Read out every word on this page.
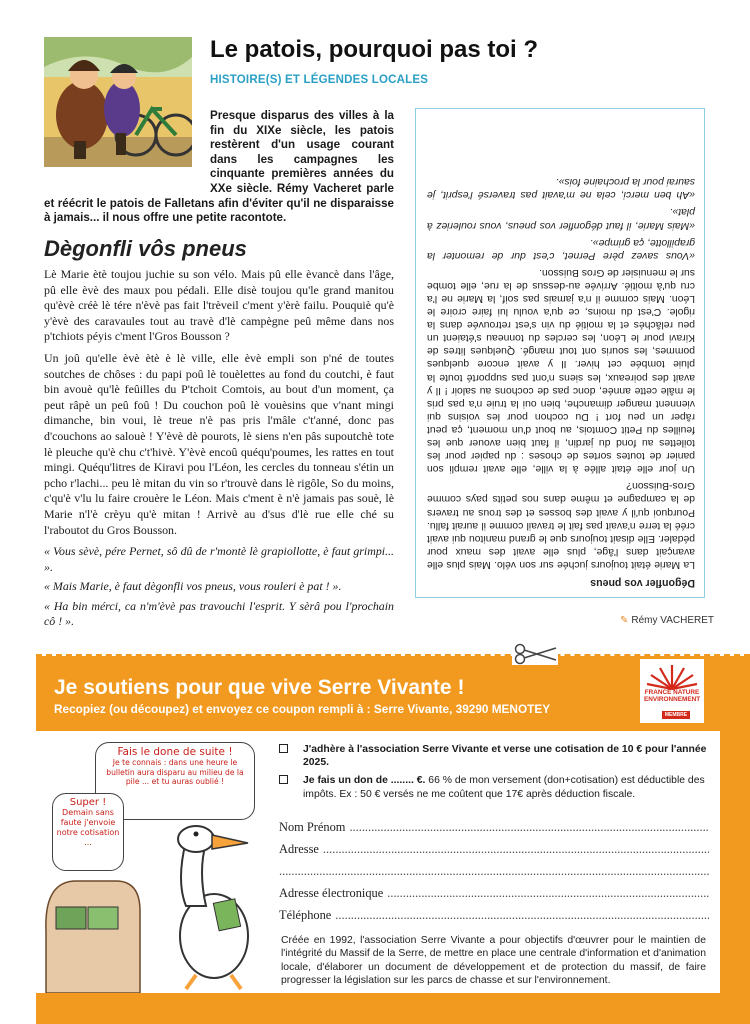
Le patois, pourquoi pas toi ?
HISTOIRE(S) ET LÉGENDES LOCALES
Presque disparus des villes à la fin du XIXe siècle, les patois restèrent d'un usage courant dans les campagnes les cinquante premières années du XXe siècle. Rémy Vacheret parle et réécrit le patois de Falletans afin d'éviter qu'il ne disparaisse à jamais... il nous offre une petite racontote.
Dègonfli vôs pneus

Lè Marie ètè toujou juchie su son vélo. Mais pû elle èvancè dans l'âge, pû elle èvè des maux pou pédali. Elle disè toujou qu'le grand manitou qu'èvè créè lè tére n'èvè pas fait l'trèveil c'ment y'èrè failu. Pouquiè qu'è y'èvè des caravaules tout au travè d'lè campègne peû même dans nos p'tchiots péyis c'ment l'Gros Bousson ?

Un joû qu'elle èvè ètè è lè ville, elle èvè empli son p'né de toutes soutches de chôses : du papi poû lè touèlettes au fond du coutchi, è faut bin avouè qu'lè feûilles du P'tchoit Comtois, au bout d'un moment, ça peut râpè un peû foû ! Du couchon poû lè vouèsins que v'nant mingi dimanche, bin voui, lè treue n'è pas pris l'mâle c't'anné, donc pas d'couchons ao salouè ! Y'èvè dè pourots, lè siens n'en pâs supoutchè tote lè pleuche qu'è chu c't'hivè. Y'èvè encoû quéqu'poumes, les rattes en tout mingi. Quéqu'litres de Kiravi pou l'Léon, les cercles du tonneau s'étin un pcho r'lachi... peu lè mitan du vin so r'trouvè dans lè rigôle, So du moins, c'qu'è v'lu lu faire crouère le Léon. Mais c'ment è n'è jamais pas souè, lè Marie n'l'è crèyu qu'è mitan ! Arrivè au d'sus d'lè rue elle ché su l'raboutot du Gros Bousson.

« Vous sèvè, pére Pernet, sô dû de r'montè lè grapiollotte, è faut grimpi... ».

« Mais Marie, è faut dègonfli vos pneus, vous rouleri è pat ! ».

« Ha bin mérci, ca n'm'èvè pas travouchi l'esprit. Y sèrâ pou l'prochain cô ! ».

Dégonfler vos pneus

La Marie était toujours juchée sur son vélo. Mais plus elle avançait dans l'âge, plus elle avait des maux pour pédaler. Elle disait toujours que le grand manitou qui avait créé la terre n'avait pas fait le travail comme il aurait fallu. Pourquoi qu'il y avait des bosses et des trous au travers de la campagne et même dans nos petits pays comme Gros-Buisson?

Un jour elle était allée à la ville, elle avait rempli son panier de toutes sortes de choses : du papier pour les toilettes au fond du jardin, il faut bien avouer que les feuilles du Petit Comtois, au bout d'un moment, ça peut râper un peu fort ! Du cochon pour les voisins qui viennent manger dimanche, bien oui la truie n'a pas pris le mâle cette année, donc pas de cochons au saloir ! Il y avait des poireaux, les siens n'ont pas supporté toute la pluie tombée cet hiver. Il y avait encore quelques pommes, les souris ont tout mangé. Quelques litres de Kiravi pour le Léon, les cercles du tonneau s'étaient un peu relâchés et la moitié du vin s'est retrouvée dans la rigole. C'est du moins, ce qu'a voulu lui faire croire le Léon. Mais comme il n'a jamais pas soif, la Marie ne l'a cru qu'à moitié. Arrivée au-dessus de la rue, elle tombe sur le menuisier de Gros Buisson.

«Vous savez père Pernet, c'est dur de remonter la grapillotte, ça grimpe».

«Mais Marie, il faut dégonfler vos pneus, vous rouleriez à plat».

«Ah ben merci, cela ne m'avait pas traversé l'esprit, je saurai pour la prochaine fois».

✎ Rémy VACHERET
Je soutiens pour que vive Serre Vivante !
Recopiez (ou découpez) et envoyez ce coupon rempli à : Serre Vivante, 39290 MENOTEY
FRANCE NATURE ENVIRONNEMENT
MEMBRE
Fais le done de suite !
Je te connais : dans une heure le bulletin aura disparu au milieu de la pile ... et tu auras oublié !
Super !
Demain sans faute j'envoie notre cotisation ...
J'adhère à l'association Serre Vivante et verse une cotisation de 10 € pour l'année 2025.
Je fais un don de ........ €. 66 % de mon versement (don+cotisation) est déductible des impôts. Ex : 50 € versés ne me coûtent que 17€ après déduction fiscale.
Nom Prénom
.....
Adresse
.....
.....
Adresse électronique
.....
Téléphone
.....
Créée en 1992, l'association Serre Vivante a pour objectifs d'œuvrer pour le maintien de l'intégrité du Massif de la Serre, de mettre en place une centrale d'information et d'animation locale, d'élaborer un document de développement et de protection du massif, de faire progresser la législation sur les parcs de chasse et sur l'environnement.
